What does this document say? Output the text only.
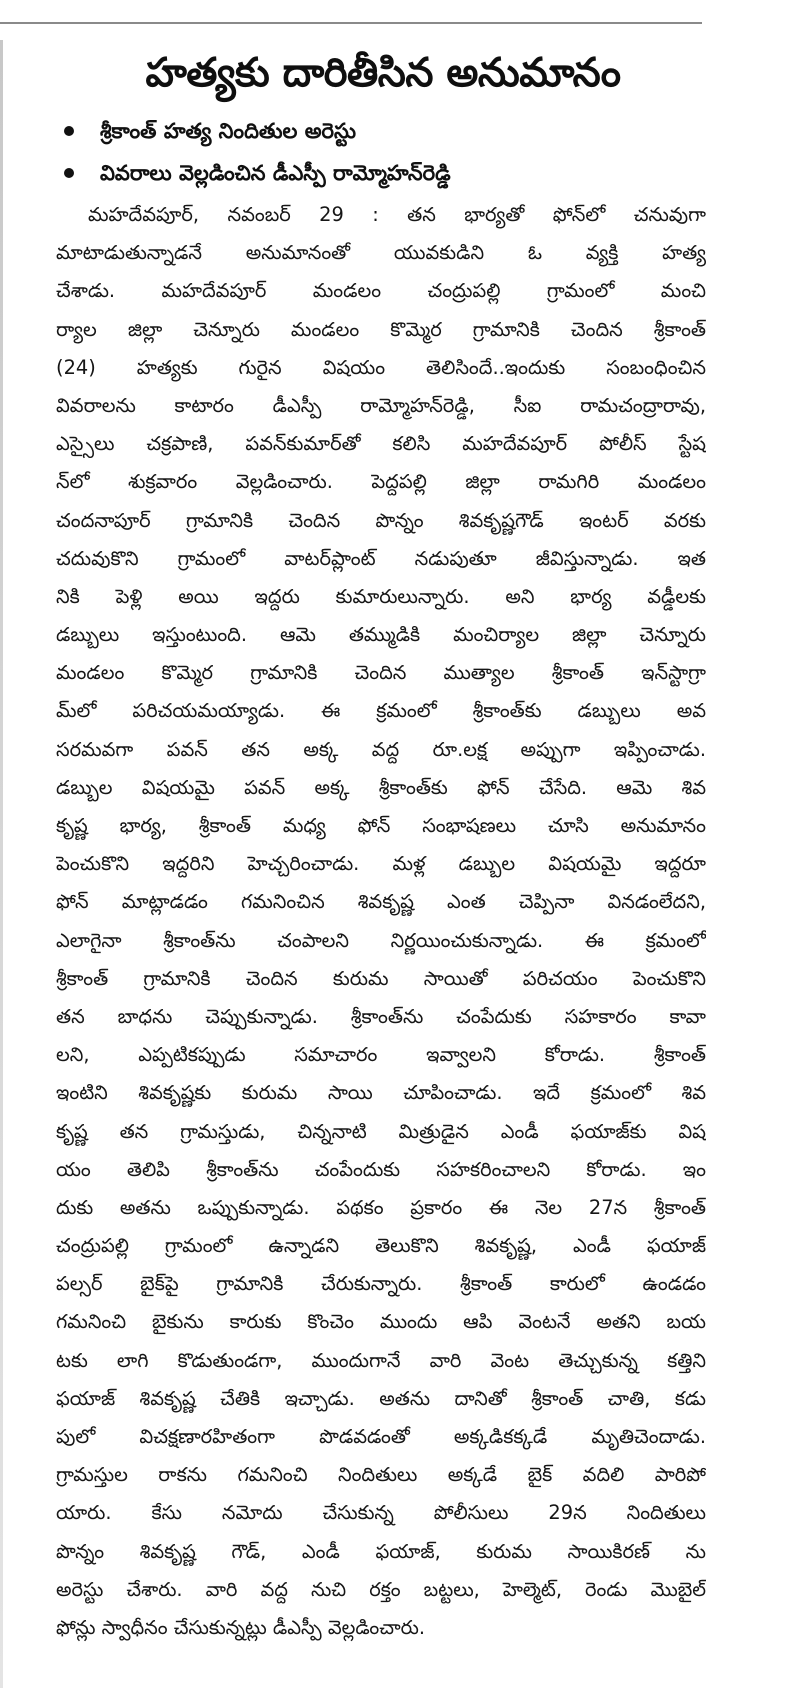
హత్యకు దారితీసిన అనుమానం
శ్రీకాంత్ హత్య నిందితుల అరెస్టు
వివరాలు వెల్లడించిన డీఎస్పీ రామ్మోహన్‌రెడ్డి
మహదేవపూర్, నవంబర్ 29 : తన భార్యతో ఫోన్‌లో చనువుగా
మాటాడుతున్నాడనే అనుమానంతో యువకుడిని ఓ వ్యక్తి హత్య
చేశాడు. మహదేవపూర్ మండలం చంద్రుపల్లి గ్రామంలో మంచి
ర్యాల జిల్లా చెన్నూరు మండలం కొమ్మెర గ్రామానికి చెందిన శ్రీకాంత్
(24) హత్యకు గురైన విషయం తెలిసిందే..ఇందుకు సంబంధించిన
వివరాలను కాటారం డీఎస్పీ రామ్మోహన్‌రెడ్డి, సీఐ రామచంద్రారావు,
ఎస్సైలు చక్రపాణి, పవన్‌కుమార్‌తో కలిసి మహదేవపూర్ పోలీస్ స్టేష
న్‌లో శుక్రవారం వెల్లడించారు. పెద్దపల్లి జిల్లా రామగిరి మండలం
చందనాపూర్ గ్రామానికి చెందిన పొన్నం శివకృష్ణగౌడ్ ఇంటర్ వరకు
చదువుకొని గ్రామంలో వాటర్‌ప్లాంట్ నడుపుతూ జీవిస్తున్నాడు. ఇత
నికి పెళ్లి అయి ఇద్దరు కుమారులున్నారు. అని భార్య వడ్డీలకు
డబ్బులు ఇస్తుంటుంది. ఆమె తమ్ముడికి మంచిర్యాల జిల్లా చెన్నూరు
మండలం కొమ్మెర గ్రామానికి చెందిన ముత్యాల శ్రీకాంత్ ఇన్‌స్టాగ్రా
మ్‌లో పరిచయమయ్యాడు. ఈ క్రమంలో శ్రీకాంత్‌కు డబ్బులు అవ
సరమవగా పవన్ తన అక్క వద్ద రూ.లక్ష అప్పుగా ఇప్పించాడు.
డబ్బుల విషయమై పవన్ అక్క శ్రీకాంత్‌కు ఫోన్ చేసేది. ఆమె శివ
కృష్ణ భార్య, శ్రీకాంత్ మధ్య ఫోన్ సంభాషణలు చూసి అనుమానం
పెంచుకొని ఇద్దరిని హెచ్చరించాడు. మళ్ల డబ్బుల విషయమై ఇద్దరూ
ఫోన్ మాట్లాడడం గమనించిన శివకృష్ణ ఎంత చెప్పినా వినడంలేదని,
ఎలాగైనా శ్రీకాంత్‌ను చంపాలని నిర్ణయించుకున్నాడు. ఈ క్రమంలో
శ్రీకాంత్ గ్రామానికి చెందిన కురుమ సాయితో పరిచయం పెంచుకొని
తన బాధను చెప్పుకున్నాడు. శ్రీకాంత్‌ను చంపేదుకు సహకారం కావా
లని, ఎప్పటికప్పుడు సమాచారం ఇవ్వాలని కోరాడు. శ్రీకాంత్
ఇంటిని శివకృష్ణకు కురుమ సాయి చూపించాడు. ఇదే క్రమంలో శివ
కృష్ణ తన గ్రామస్తుడు, చిన్ననాటి మిత్రుడైన ఎండీ ఫయాజ్‌కు విష
యం తెలిపి శ్రీకాంత్‌ను చంపేందుకు సహకరించాలని కోరాడు. ఇం
దుకు అతను ఒప్పుకున్నాడు. పథకం ప్రకారం ఈ నెల 27న శ్రీకాంత్
చంద్రుపల్లి గ్రామంలో ఉన్నాడని తెలుకొని శివకృష్ణ, ఎండీ ఫయాజ్
పల్సర్ బైక్‌పై గ్రామానికి చేరుకున్నారు. శ్రీకాంత్ కారులో ఉండడం
గమనించి బైకును కారుకు కొంచెం ముందు ఆపి వెంటనే అతని బయ
టకు లాగి కొడుతుండగా, ముందుగానే వారి వెంట తెచ్చుకున్న కత్తిని
ఫయాజ్ శివకృష్ణ చేతికి ఇచ్చాడు. అతను దానితో శ్రీకాంత్ చాతి, కడు
పులో విచక్షణారహితంగా పొడవడంతో అక్కడికక్కడే మృతిచెందాడు.
గ్రామస్తుల రాకను గమనించి నిందితులు అక్కడే బైక్ వదిలి పారిపో
యారు. కేసు నమోదు చేసుకున్న పోలీసులు 29న నిందితులు
పొన్నం శివకృష్ణ గౌడ్, ఎండీ ఫయాజ్, కురుమ సాయికిరణ్ ను
అరెస్టు చేశారు. వారి వద్ద నుచి రక్తం బట్టలు, హెల్మెట్, రెండు మొబైల్
ఫోన్లు స్వాధీనం చేసుకున్నట్లు డీఎస్పీ వెల్లడించారు.
